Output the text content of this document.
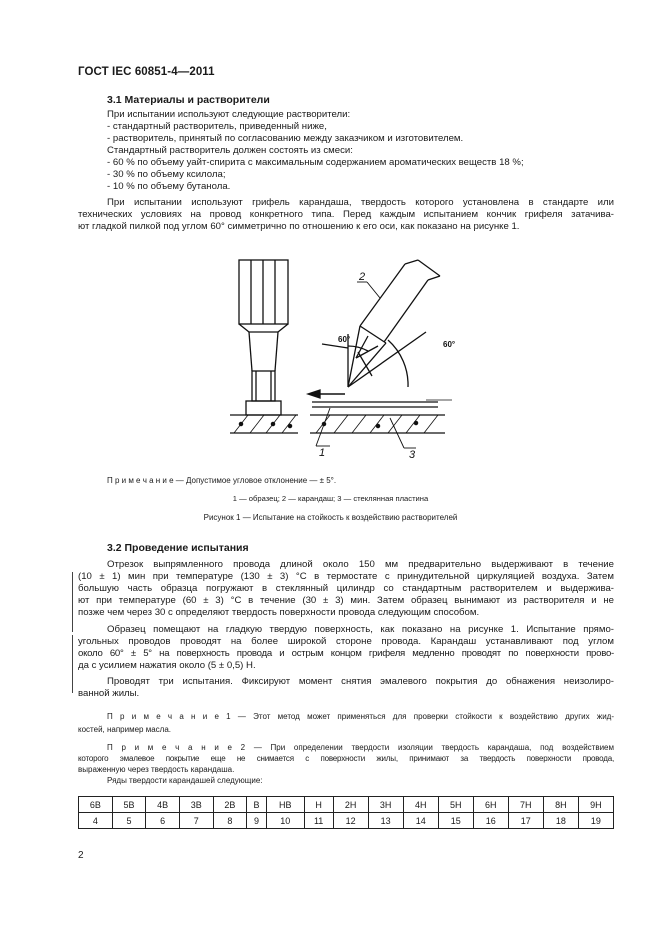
ГОСТ IEC 60851-4—2011
3.1 Материалы и растворители
При испытании используют следующие растворители:
- стандартный растворитель, приведенный ниже,
- растворитель, принятый по согласованию между заказчиком и изготовителем.
Стандартный растворитель должен состоять из смеси:
- 60 % по объему уайт-спирита с максимальным содержанием ароматических веществ 18 %;
- 30 % по объему ксилола;
- 10 % по объему бутанола.
При испытании используют грифель карандаша, твердость которого установлена в стандарте или
технических условиях на провод конкретного типа. Перед каждым испытанием кончик грифеля затачива-
ют гладкой пилкой под углом 60° симметрично по отношению к его оси, как показано на рисунке 1.
1	3
2
60°
60°
П р и м е ч а н и е — Допустимое угловое отклонение — ± 5°.
1 — образец; 2 — карандаш; 3 — стеклянная пластина
Рисунок 1 — Испытание на стойкость к воздействию растворителей
3.2 Проведение испытания
Отрезок выпрямленного провода длиной около 150 мм предварительно выдерживают в течение
(10 ± 1) мин при температуре (130 ± 3) °С в термостате с принудительной циркуляцией воздуха. Затем
большую часть образца погружают в стеклянный цилиндр со стандартным растворителем и выдержива-
ют при температуре (60 ± 3) °С в течение (30 ± 3) мин. Затем образец вынимают из растворителя и не
позже чем через 30 с определяют твердость поверхности провода следующим способом.
Образец помещают на гладкую твердую поверхность, как показано на рисунке 1. Испытание прямо-
угольных проводов проводят на более широкой стороне провода. Карандаш устанавливают под углом
около 60° ± 5° на поверхность провода и острым концом грифеля медленно проводят по поверхности прово-
да с усилием нажатия около (5 ± 0,5) Н.
Проводят три испытания. Фиксируют момент снятия эмалевого покрытия до обнажения неизолиро-
ванной жилы.
П р и м е ч а н и е 1 — Этот метод может применяться для проверки стойкости к воздействию других жид-
костей, например масла.
П р и м е ч а н и е 2 — При определении твердости изоляции твердость карандаша, под воздействием
которого эмалевое покрытие еще не снимается с поверхности жилы, принимают за твердость поверхности провода,
выраженную через твердость карандаша.
Ряды твердости карандашей следующие:
6B	5B	4B	3B	2B	B	HB	H	2H	3H	4H	5H	6H	7H	8H	9H
4	5	6	7	8	9	10	11	12	13	14	15	16	17	18	19
2
